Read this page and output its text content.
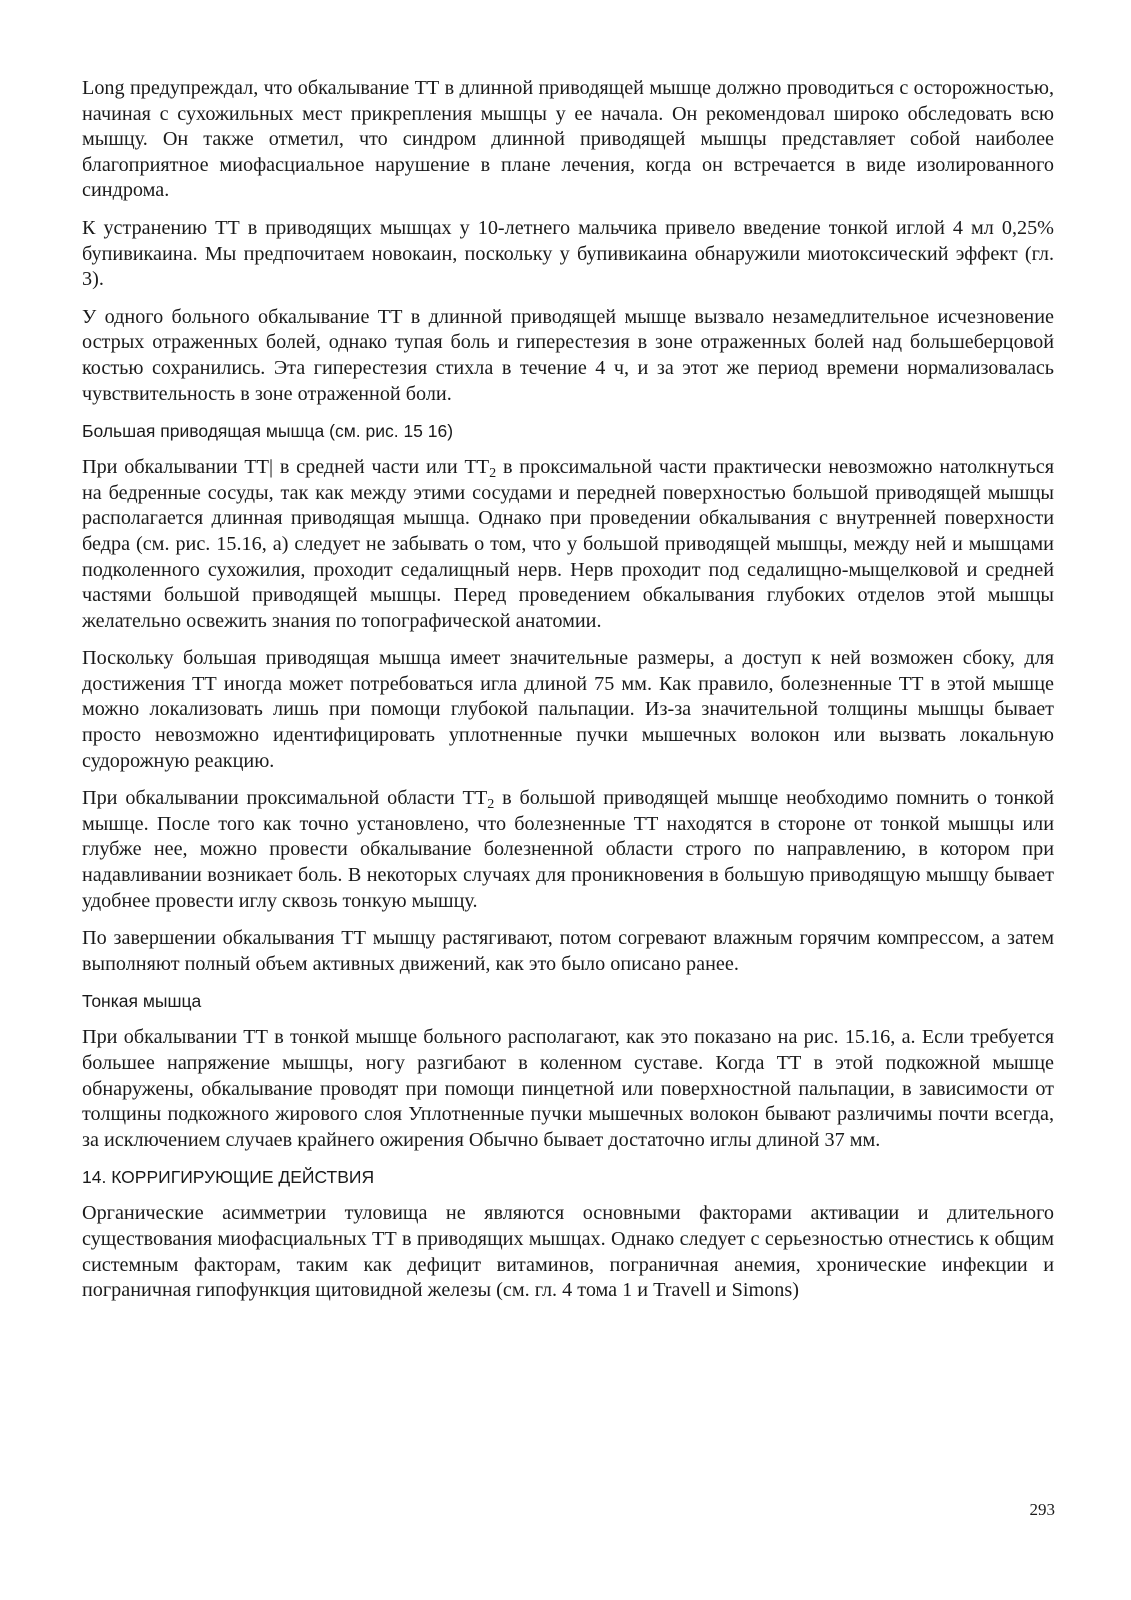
Long предупреждал, что обкалывание ТТ в длинной приводящей мышце должно проводиться с осторожностью, начиная с сухожильных мест прикрепления мышцы у ее начала. Он рекомендовал широко обследовать всю мышцу. Он также отметил, что синдром длинной приводящей мышцы представляет собой наиболее благоприятное миофасциальное нарушение в плане лечения, когда он встречается в виде изолированного синдрома.

К устранению ТТ в приводящих мышцах у 10-летнего мальчика привело введение тонкой иглой 4 мл 0,25% бупивикаина. Мы предпочитаем новокаин, поскольку у бупивикаина обнаружили миотоксический эффект (гл. 3).

У одного больного обкалывание ТТ в длинной приводящей мышце вызвало незамедлительное исчезновение острых отраженных болей, однако тупая боль и гиперестезия в зоне отраженных болей над большеберцовой костью сохранились. Эта гиперестезия стихла в течение 4 ч, и за этот же период времени нормализовалась чувствительность в зоне отраженной боли.

Большая приводящая мышца (см. рис. 15 16)

При обкалывании ТТ| в средней части или $ТТ_2$ в проксимальной части практически невозможно натолкнуться на бедренные сосуды, так как между этими сосудами и передней поверхностью большой приводящей мышцы располагается длинная приводящая мышца. Однако при проведении обкалывания с внутренней поверхности бедра (см. рис. 15.16, а) следует не забывать о том, что у большой приводящей мышцы, между ней и мышцами подколенного сухожилия, проходит седалищный нерв. Нерв проходит под седалищно-мыщелковой и средней частями большой приводящей мышцы. Перед проведением обкалывания глубоких отделов этой мышцы желательно освежить знания по топографической анатомии.

Поскольку большая приводящая мышца имеет значительные размеры, а доступ к ней возможен сбоку, для достижения ТТ иногда может потребоваться игла длиной 75 мм. Как правило, болезненные ТТ в этой мышце можно локализовать лишь при помощи глубокой пальпации. Из-за значительной толщины мышцы бывает просто невозможно идентифицировать уплотненные пучки мышечных волокон или вызвать локальную судорожную реакцию.

При обкалывании проксимальной области $ТТ_2$ в большой приводящей мышце необходимо помнить о тонкой мышце. После того как точно установлено, что болезненные ТТ находятся в стороне от тонкой мышцы или глубже нее, можно провести обкалывание болезненной области строго по направлению, в котором при надавливании возникает боль. В некоторых случаях для проникновения в большую приводящую мышцу бывает удобнее провести иглу сквозь тонкую мышцу.

По завершении обкалывания ТТ мышцу растягивают, потом согревают влажным горячим компрессом, а затем выполняют полный объем активных движений, как это было описано ранее.

Тонкая мышца

При обкалывании ТТ в тонкой мышце больного располагают, как это показано на рис. 15.16, а. Если требуется большее напряжение мышцы, ногу разгибают в коленном суставе. Когда ТТ в этой подкожной мышце обнаружены, обкалывание проводят при помощи пинцетной или поверхностной пальпации, в зависимости от толщины подкожного жирового слоя Уплотненные пучки мышечных волокон бывают различимы почти всегда, за исключением случаев крайнего ожирения Обычно бывает достаточно иглы длиной 37 мм.

14. КОРРИГИРУЮЩИЕ ДЕЙСТВИЯ

Органические асимметрии туловища не являются основными факторами активации и длительного существования миофасциальных ТТ в приводящих мышцах. Однако следует с серьезностью отнестись к общим системным факторам, таким как дефицит витаминов, пограничная анемия, хронические инфекции и пограничная гипофункция щитовидной железы (см. гл. 4 тома 1 и Travell и Simons)

293
